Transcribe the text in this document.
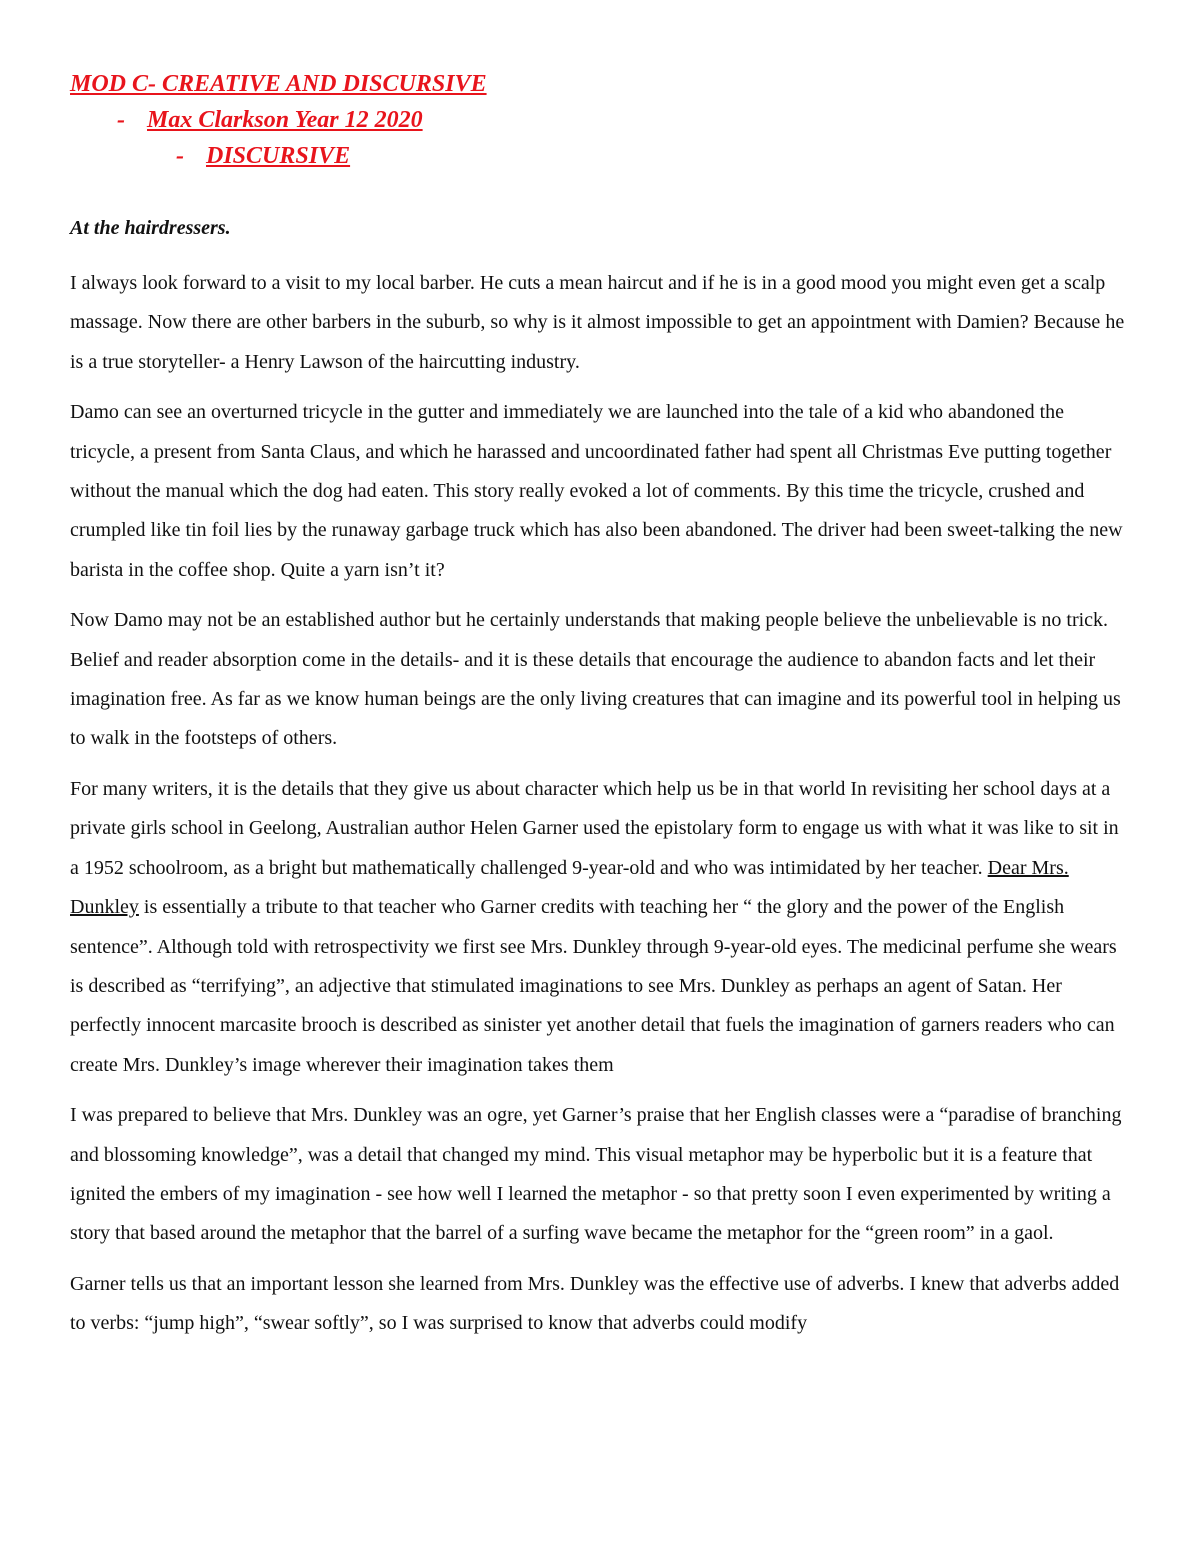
MOD C- CREATIVE AND DISCURSIVE
- Max Clarkson Year 12 2020
- DISCURSIVE
At the hairdressers.

I always look forward to a visit to my local barber. He cuts a mean haircut and if he is in a good mood you might even get a scalp massage. Now there are other barbers in the suburb, so why is it almost impossible to get an appointment with Damien? Because he is a true storyteller- a Henry Lawson of the haircutting industry.

Damo can see an overturned tricycle in the gutter and immediately we are launched into the tale of a kid who abandoned the tricycle, a present from Santa Claus, and which he harassed and uncoordinated father had spent all Christmas Eve putting together without the manual which the dog had eaten. This story really evoked a lot of comments. By this time the tricycle, crushed and crumpled like tin foil lies by the runaway garbage truck which has also been abandoned. The driver had been sweet-talking the new barista in the coffee shop. Quite a yarn isn’t it?

Now Damo may not be an established author but he certainly understands that making people believe the unbelievable is no trick. Belief and reader absorption come in the details- and it is these details that encourage the audience to abandon facts and let their imagination free. As far as we know human beings are the only living creatures that can imagine and its powerful tool in helping us to walk in the footsteps of others.

For many writers, it is the details that they give us about character which help us be in that world In revisiting her school days at a private girls school in Geelong, Australian author Helen Garner used the epistolary form to engage us with what it was like to sit in a 1952 schoolroom, as a bright but mathematically challenged 9-year-old and who was intimidated by her teacher. Dear Mrs. Dunkley is essentially a tribute to that teacher who Garner credits with teaching her “ the glory and the power of the English sentence”. Although told with retrospectivity we first see Mrs. Dunkley through 9-year-old eyes. The medicinal perfume she wears is described as “terrifying”, an adjective that stimulated imaginations to see Mrs. Dunkley as perhaps an agent of Satan. Her perfectly innocent marcasite brooch is described as sinister yet another detail that fuels the imagination of garners readers who can create Mrs. Dunkley’s image wherever their imagination takes them

I was prepared to believe that Mrs. Dunkley was an ogre, yet Garner’s praise that her English classes were a “paradise of branching and blossoming knowledge”, was a detail that changed my mind. This visual metaphor may be hyperbolic but it is a feature that ignited the embers of my imagination - see how well I learned the metaphor - so that pretty soon I even experimented by writing a story that based around the metaphor that the barrel of a surfing wave became the metaphor for the “green room” in a gaol.

Garner tells us that an important lesson she learned from Mrs. Dunkley was the effective use of adverbs. I knew that adverbs added to verbs: “jump high”, “swear softly”, so I was surprised to know that adverbs could modify
